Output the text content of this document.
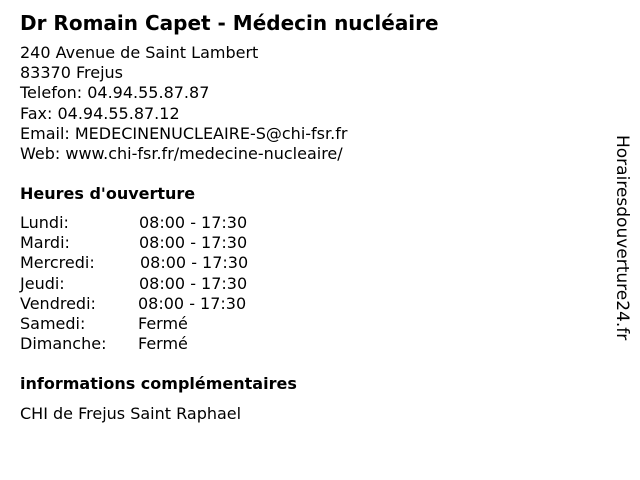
Dr Romain Capet - Médecin nucléaire
240 Avenue de Saint Lambert
83370 Frejus
Telefon: 04.94.55.87.87
Fax: 04.94.55.87.12
Email: MEDECINENUCLEAIRE-S@chi-fsr.fr
Web: www.chi-fsr.fr/medecine-nucleaire/
Heures d'ouverture
Lundi:	08:00 - 17:30
Mardi:	08:00 - 17:30
Mercredi:	08:00 - 17:30
Jeudi:	08:00 - 17:30
Vendredi:	08:00 - 17:30
Samedi:	Fermé
Dimanche: Fermé
informations complémentaires
CHI de Frejus Saint Raphael
Horairesdouverture24.fr
